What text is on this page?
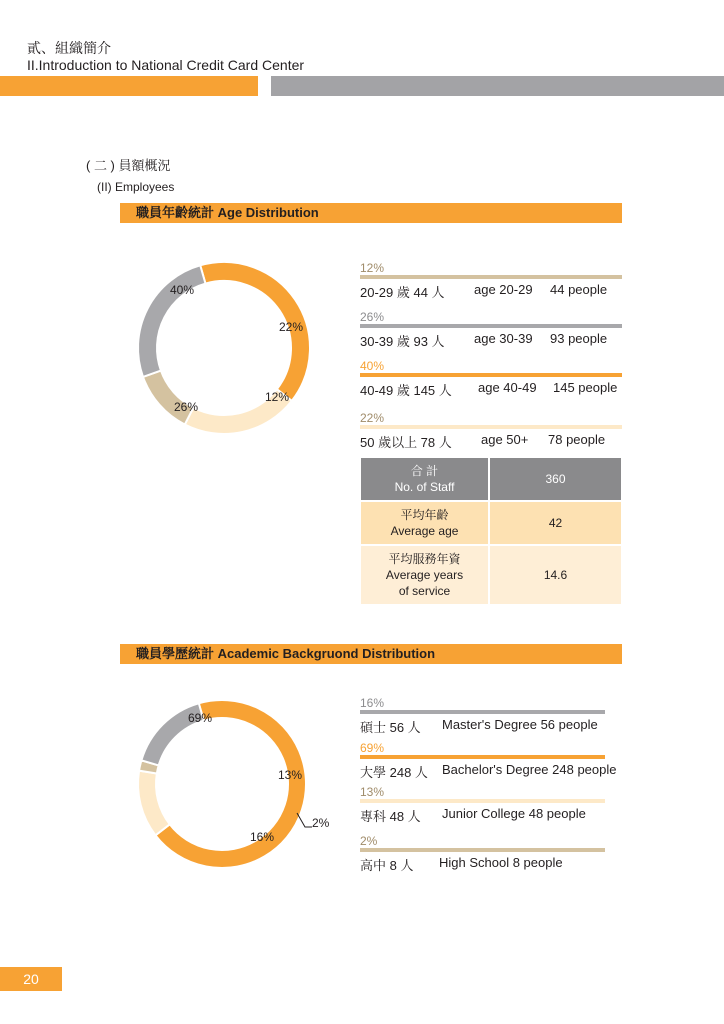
貳、組織簡介
II.Introduction to National Credit Card Center
( 二 ) 員額概況
(II) Employees
職員年齡統計 Age Distribution
40%
22%
12%
26%
12%
20-29 歲 44 人 age 20-29 44 people
26%
30-39 歲 93 人 age 30-39 93 people
40%
40-49 歲 145 人 age 40-49 145 people
22%
50 歲以上 78 人 age 50+ 78 people
合 計
No. of Staff	360

平均年齡
Average age	42

平均服務年資
Average years
of service	14.6
職員學歷統計 Academic Backgruond Distribution
69%
13%
2%
16%
16%
碩士 56 人 Master's Degree 56 people
69%
大學 248 人 Bachelor's Degree 248 people
13%
專科 48 人 Junior College 48 people
2%
高中 8 人 High School 8 people
20
